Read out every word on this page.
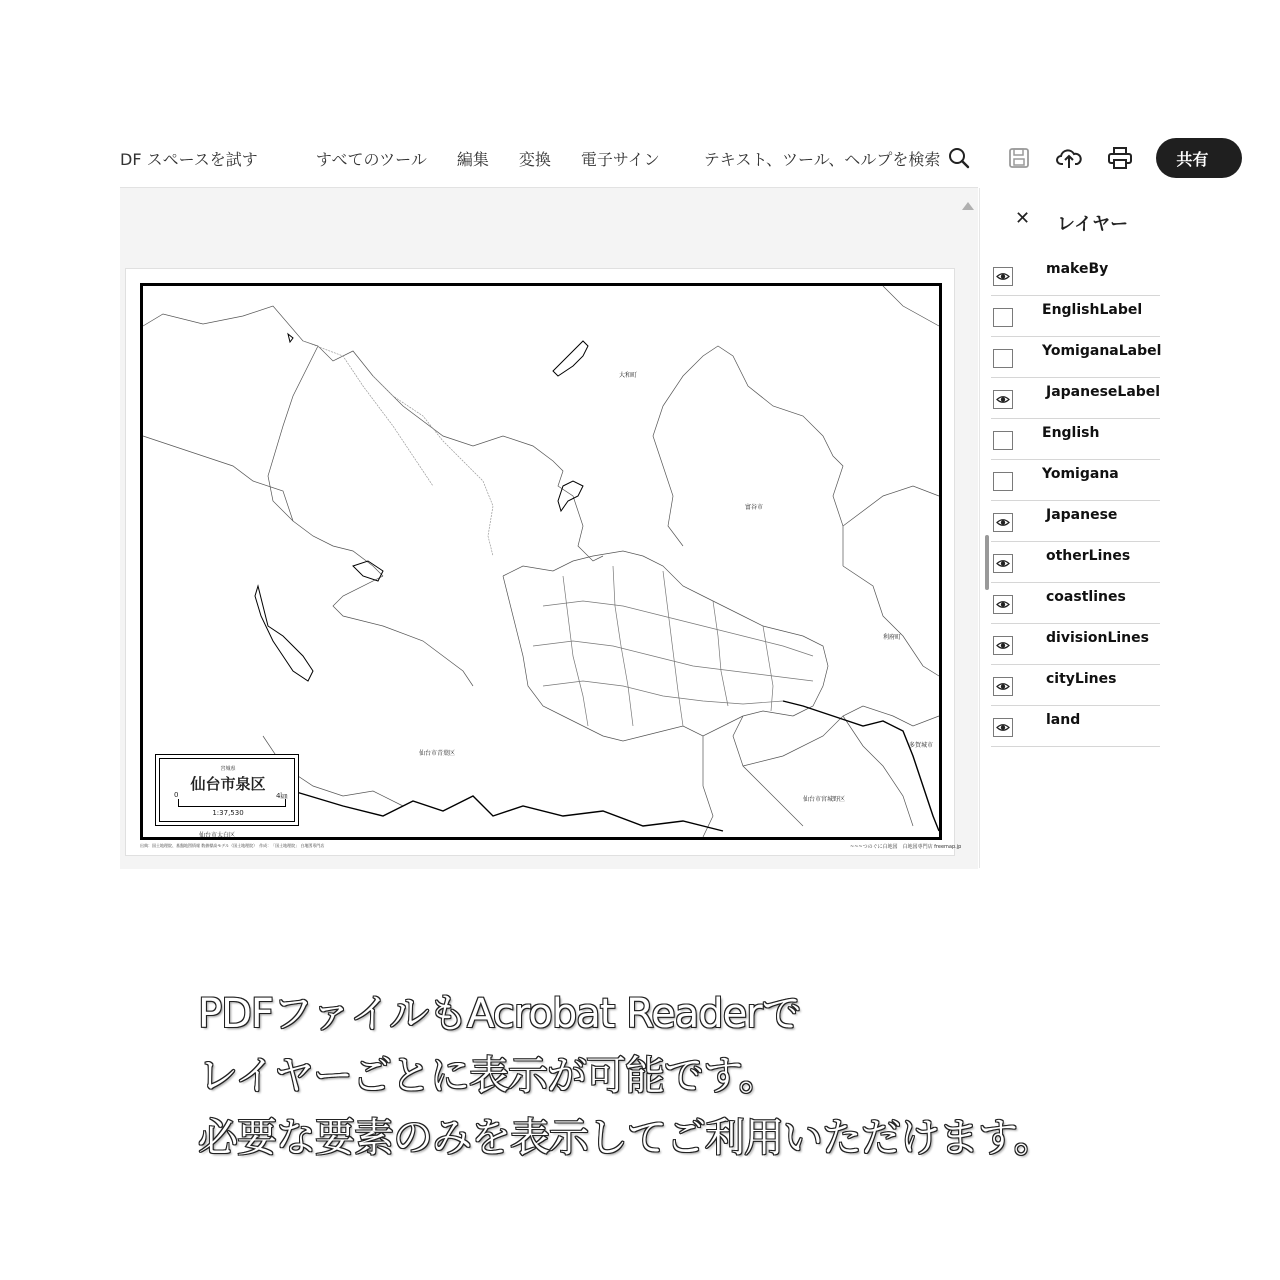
DF スペースを試す	すべてのツール 編集 変換 電子サイン	テキスト、ツール、ヘルプを検索	共有
大和町
富谷市
利府町
仙台市青葉区
仙台市宮城野区
多賀城市
仙台市太白区
宮城県
仙台市泉区
0	4㎞
1:37,530
出典：国土地理院、基盤地図情報 数値標高モデル（国土地理院）　作成：「国土地理院」 白地図専門店	~~~つのぐに白地図　白地図専門店 freemap.jp
✕ レイヤー
makeBy
EnglishLabel
YomiganaLabel
JapaneseLabel
English
Yomigana
Japanese
otherLines
coastlines
divisionLines
cityLines
land
PDFファイルもAcrobat Readerで
レイヤーごとに表示が可能です。
必要な要素のみを表示してご利用いただけます。
